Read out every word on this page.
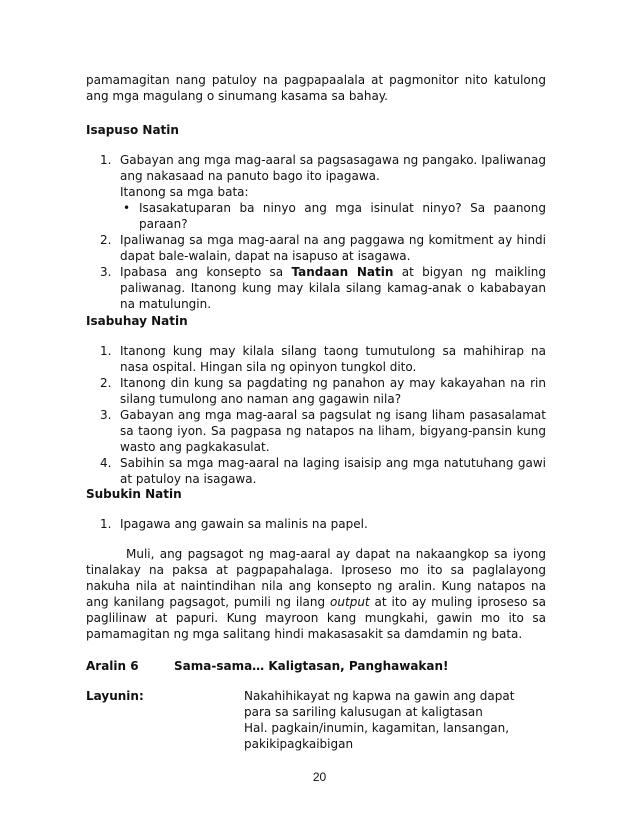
pamamagitan nang patuloy na pagpapaalala at pagmonitor nito katulong ang mga magulang o sinumang kasama sa bahay.

Isapuso Natin

1. Gabayan ang mga mag-aaral sa pagsasagawa ng pangako. Ipaliwanag ang nakasaad na panuto bago ito ipagawa.
Itanong sa mga bata:
• Isasakatuparan ba ninyo ang mga isinulat ninyo? Sa paanong paraan?
2. Ipaliwanag sa mga mag-aaral na ang paggawa ng komitment ay hindi dapat bale-walain, dapat na isapuso at isagawa.
3. Ipabasa ang konsepto sa Tandaan Natin at bigyan ng maikling paliwanag. Itanong kung may kilala silang kamag-anak o kababayan na matulungin.

Isabuhay Natin

1. Itanong kung may kilala silang taong tumutulong sa mahihirap na nasa ospital. Hingan sila ng opinyon tungkol dito.
2. Itanong din kung sa pagdating ng panahon ay may kakayahan na rin silang tumulong ano naman ang gagawin nila?
3. Gabayan ang mga mag-aaral sa pagsulat ng isang liham pasasalamat sa taong iyon. Sa pagpasa ng natapos na liham, bigyang-pansin kung wasto ang pagkakasulat.
4. Sabihin sa mga mag-aaral na laging isaisip ang mga natutuhang gawi at patuloy na isagawa.

Subukin Natin

1. Ipagawa ang gawain sa malinis na papel.

Muli, ang pagsagot ng mag-aaral ay dapat na nakaangkop sa iyong tinalakay na paksa at pagpapahalaga. Iproseso mo ito sa paglalayong nakuha nila at naintindihan nila ang konsepto ng aralin. Kung natapos na ang kanilang pagsagot, pumili ng ilang output at ito ay muling iproseso sa paglilinaw at papuri. Kung mayroon kang mungkahi, gawin mo ito sa pamamagitan ng mga salitang hindi makasasakit sa damdamin ng bata.

Aralin 6	Sama-sama… Kaligtasan, Panghawakan!
Layunin:	Nakahihikayat ng kapwa na gawin ang dapat
para sa sariling kalusugan at kaligtasan
Hal. pagkain/inumin, kagamitan, lansangan,
pakikipagkaibigan
20
